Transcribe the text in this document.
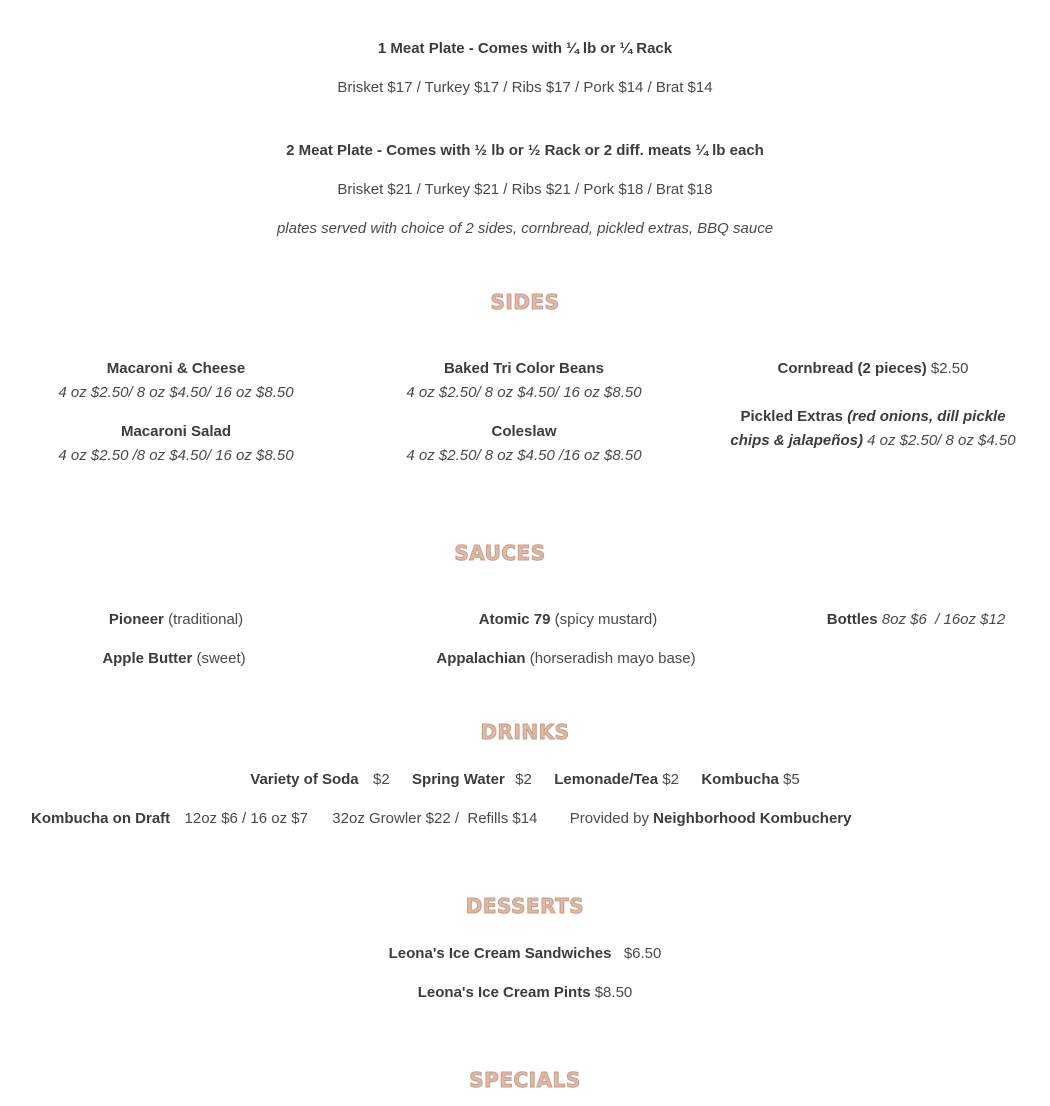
1 Meat Plate - Comes with ¼ lb or ¼ Rack
Brisket $17 / Turkey $17 / Ribs $17 / Pork $14 / Brat $14
2 Meat Plate - Comes with ½ lb or ½ Rack or 2 diff. meats ¼ lb each
Brisket $21 / Turkey $21 / Ribs $21 / Pork $18 / Brat $18
plates served with choice of 2 sides, cornbread, pickled extras, BBQ sauce
SIDES
Macaroni & Cheese
4 oz $2.50/ 8 oz $4.50/ 16 oz $8.50
Macaroni Salad
4 oz $2.50 /8 oz $4.50/ 16 oz $8.50
Baked Tri Color Beans
4 oz $2.50/ 8 oz $4.50/ 16 oz $8.50
Coleslaw
4 oz $2.50/ 8 oz $4.50 /16 oz $8.50
Cornbread (2 pieces) $2.50
Pickled Extras (red onions, dill pickle
chips & jalapeños) 4 oz $2.50/ 8 oz $4.50
SAUCES
Pioneer (traditional)
Apple Butter (sweet)
Atomic 79 (spicy mustard)
Appalachian (horseradish mayo base)
Bottles 8oz $6  / 16oz $12
DRINKS
Variety of Soda $2 Spring Water $2 Lemonade/Tea $2 Kombucha $5
Kombucha on Draft 12oz $6 / 16 oz $7 32oz Growler $22 /  Refills $14 Provided by Neighborhood Kombuchery
DESSERTS
Leona's Ice Cream Sandwiches $6.50
Leona's Ice Cream Pints $8.50
SPECIALS
